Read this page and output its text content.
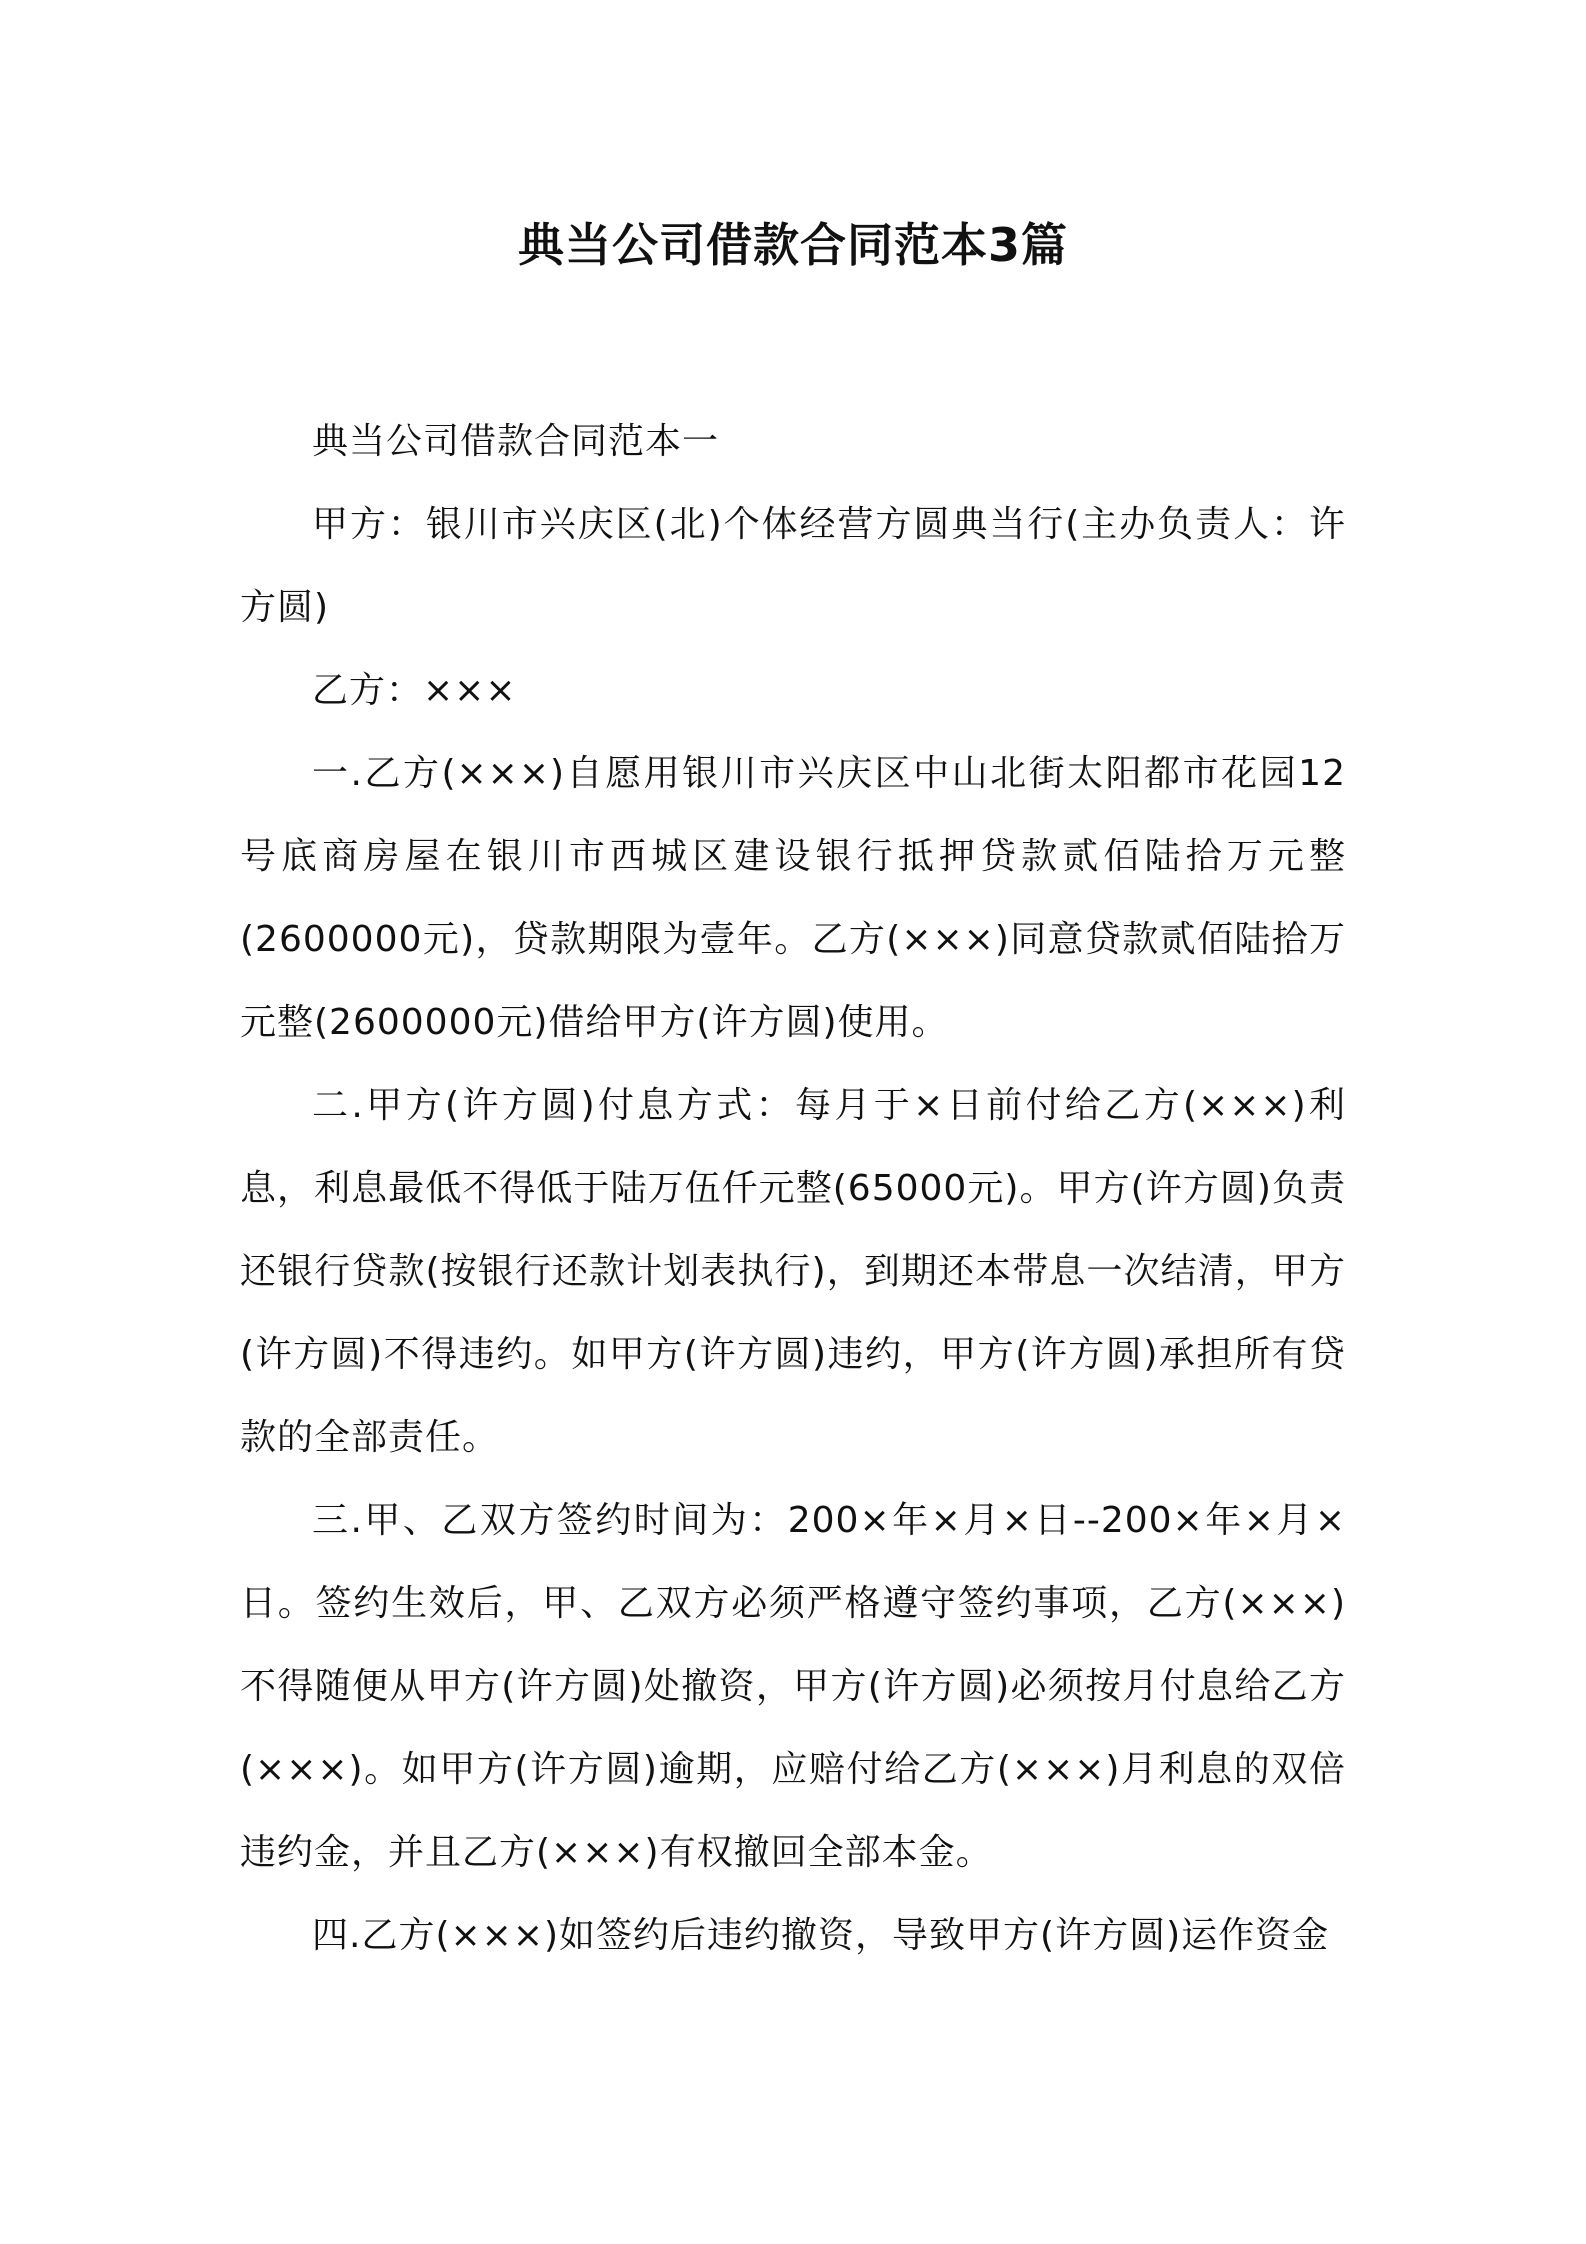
典当公司借款合同范本3篇

典当公司借款合同范本一

甲方：银川市兴庆区(北)个体经营方圆典当行(主办负责人：许方圆)

乙方：×××

一.乙方(×××)自愿用银川市兴庆区中山北街太阳都市花园12号底商房屋在银川市西城区建设银行抵押贷款贰佰陆拾万元整(2600000元)，贷款期限为壹年。乙方(×××)同意贷款贰佰陆拾万元整(2600000元)借给甲方(许方圆)使用。

二.甲方(许方圆)付息方式：每月于×日前付给乙方(×××)利息，利息最低不得低于陆万伍仟元整(65000元)。甲方(许方圆)负责还银行贷款(按银行还款计划表执行)，到期还本带息一次结清，甲方(许方圆)不得违约。如甲方(许方圆)违约，甲方(许方圆)承担所有贷款的全部责任。

三.甲、乙双方签约时间为：200×年×月×日--200×年×月×日。签约生效后，甲、乙双方必须严格遵守签约事项，乙方(×××)不得随便从甲方(许方圆)处撤资，甲方(许方圆)必须按月付息给乙方(×××)。如甲方(许方圆)逾期，应赔付给乙方(×××)月利息的双倍违约金，并且乙方(×××)有权撤回全部本金。

四.乙方(×××)如签约后违约撤资，导致甲方(许方圆)运作资金
